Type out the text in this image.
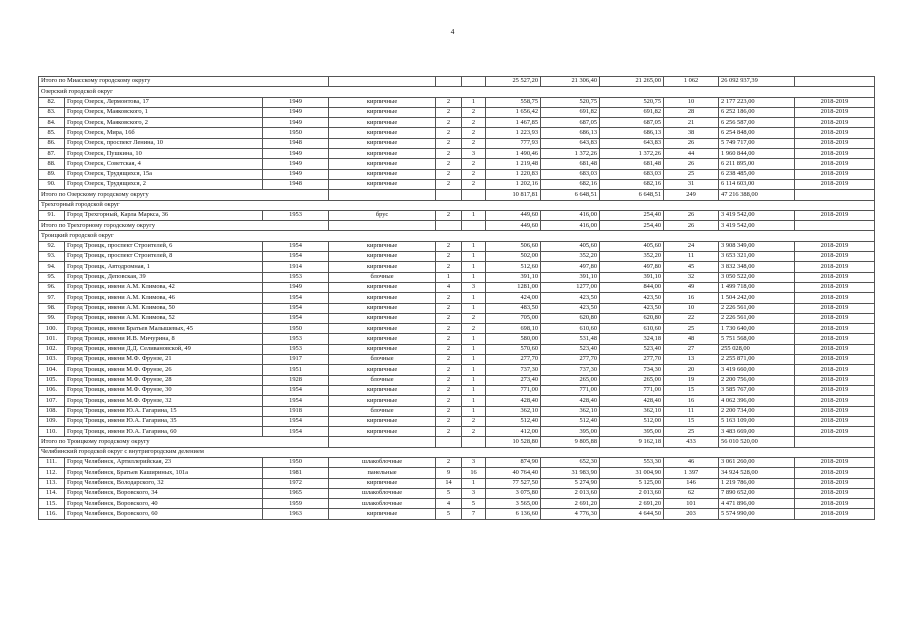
4
Итого по Миасскому городскому округу						25 527,20	21 306,40	21 265,00	1 062	26 092 937,39	
Озерский городской округ											
82.	Город Озерск, Лермонтова, 17	1949	кирпичные	2	1	558,75	520,75	520,75	10	2 177 223,00	2018-2019
83.	Город Озерск, Маяковского, 1	1949	кирпичные	2	2	1 656,42	691,82	691,82	28	6 252 186,00	2018-2019
84.	Город Озерск, Маяковского, 2	1949	кирпичные	2	2	1 467,85	687,05	687,05	21	6 256 587,00	2018-2019
85.	Город Озерск, Мира, 16б	1950	кирпичные	2	2	1 223,93	686,13	686,13	38	6 254 848,00	2018-2019
86.	Город Озерск, проспект Ленина, 10	1948	кирпичные	2	2	777,93	643,83	643,83	26	5 749 717,00	2018-2019
87.	Город Озерск, Пушкина, 10	1949	кирпичные	2	3	1 490,46	1 372,26	1 372,26	44	1 960 844,00	2018-2019
88.	Город Озерск, Советская, 4	1949	кирпичные	2	2	1 219,48	681,48	681,48	26	6 211 895,00	2018-2019
89.	Город Озерск, Трудящихся, 15а	1949	кирпичные	2	2	1 220,83	683,03	683,03	25	6 238 485,00	2018-2019
90.	Город Озерск, Трудящихся, 2	1948	кирпичные	2	2	1 202,16	682,16	682,16	31	6 114 603,00	2018-2019
Итого по Озерскому городскому округу						10 817,81	6 648,51	6 648,51	249	47 216 388,00	
Трехгорный городской округ											
91.	Город Трехгорный, Карла Маркса, 36	1953	брус	2	1	449,60	416,00	254,40	26	3 419 542,00	2018-2019
Итого по Трехгорному городскому округу						449,60	416,00	254,40	26	3 419 542,00	
Троицкий городской округ											
92.	Город Троицк, проспект Строителей, 6	1954	кирпичные	2	1	506,60	405,60	405,60	24	3 908 349,00	2018-2019
93.	Город Троицк, проспект Строителей, 8	1954	кирпичные	2	1	502,00	352,20	352,20	11	3 653 321,00	2018-2019
94.	Город Троицк, Автодромная, 1	1914	кирпичные	2	1	512,60	497,80	497,80	45	3 832 348,00	2018-2019
95.	Город Троицк, Деповская, 39	1953	блочные	1	1	391,10	391,10	391,10	32	3 050 522,00	2018-2019
96.	Город Троицк, имени А.М. Климова, 42	1949	кирпичные	4	3	1281,00	1277,00	844,00	49	1 499 718,00	2018-2019
97.	Город Троицк, имени А.М. Климова, 46	1954	кирпичные	2	1	424,00	423,50	423,50	16	1 504 242,00	2018-2019
98.	Город Троицк, имени А.М. Климова, 50	1954	кирпичные	2	1	483,50	423,50	423,50	10	2 226 561,00	2018-2019
99.	Город Троицк, имени А.М. Климова, 52	1954	кирпичные	2	2	705,00	620,80	620,80	22	2 226 561,00	2018-2019
100.	Город Троицк, имени Братьев Малышевых, 45	1950	кирпичные	2	2	698,10	610,60	610,60	25	1 730 640,00	2018-2019
101.	Город Троицк, имени И.В. Мичурина, 8	1953	кирпичные	2	1	580,00	531,48	324,18	48	5 751 568,00	2018-2019
102.	Город Троицк, имени Д.Д. Селивановской, 49	1953	кирпичные	2	1	570,60	523,40	523,40	27	255 028,00	2018-2019
103.	Город Троицк, имени М.Ф. Фрунзе, 21	1917	блочные	2	1	277,70	277,70	277,70	13	2 255 871,00	2018-2019
104.	Город Троицк, имени М.Ф. Фрунзе, 26	1951	кирпичные	2	1	737,30	737,30	734,30	20	3 419 660,00	2018-2019
105.	Город Троицк, имени М.Ф. Фрунзе, 28	1928	блочные	2	1	273,40	265,00	265,00	19	2 200 756,00	2018-2019
106.	Город Троицк, имени М.Ф. Фрунзе, 30	1954	кирпичные	2	1	771,00	771,00	771,00	15	3 585 767,00	2018-2019
107.	Город Троицк, имени М.Ф. Фрунзе, 32	1954	кирпичные	2	1	428,40	428,40	428,40	16	4 062 396,00	2018-2019
108.	Город Троицк, имени Ю.А. Гагарина, 15	1918	блочные	2	1	362,10	362,10	362,10	11	2 200 734,00	2018-2019
109.	Город Троицк, имени Ю.А. Гагарина, 35	1954	кирпичные	2	2	512,40	512,40	512,00	15	5 163 109,00	2018-2019
110.	Город Троицк, имени Ю.А. Гагарина, 60	1954	кирпичные	2	2	412,00	395,00	395,00	25	3 483 669,00	2018-2019
Итого по Троицкому городскому округу						10 528,80	9 805,88	9 162,18	433	56 010 520,00	
Челябинский городской округ с внутригородским делением											
111.	Город Челябинск, Артиллерийская, 23	1950	шлакоблочные	2	3	874,90	652,30	553,30	46	3 061 260,00	2018-2019
112.	Город Челябинск, Братьев Кашириных, 101а	1981	панельные	9	16	40 764,40	31 983,90	31 004,90	1 397	34 924 528,00	2018-2019
113.	Город Челябинск, Володарского, 32	1972	кирпичные	14	1	77 527,50	5 274,90	5 125,00	146	1 219 786,00	2018-2019
114.	Город Челябинск, Воровского, 34	1965	шлакоблочные	5	3	3 075,80	2 013,60	2 013,60	62	7 890 652,00	2018-2019
115.	Город Челябинск, Воровского, 40	1959	шлакоблочные	4	5	3 565,00	2 691,20	2 691,20	101	4 471 896,00	2018-2019
116.	Город Челябинск, Воровского, 60	1963	кирпичные	5	7	6 136,60	4 776,30	4 644,50	203	5 574 990,00	2018-2019
